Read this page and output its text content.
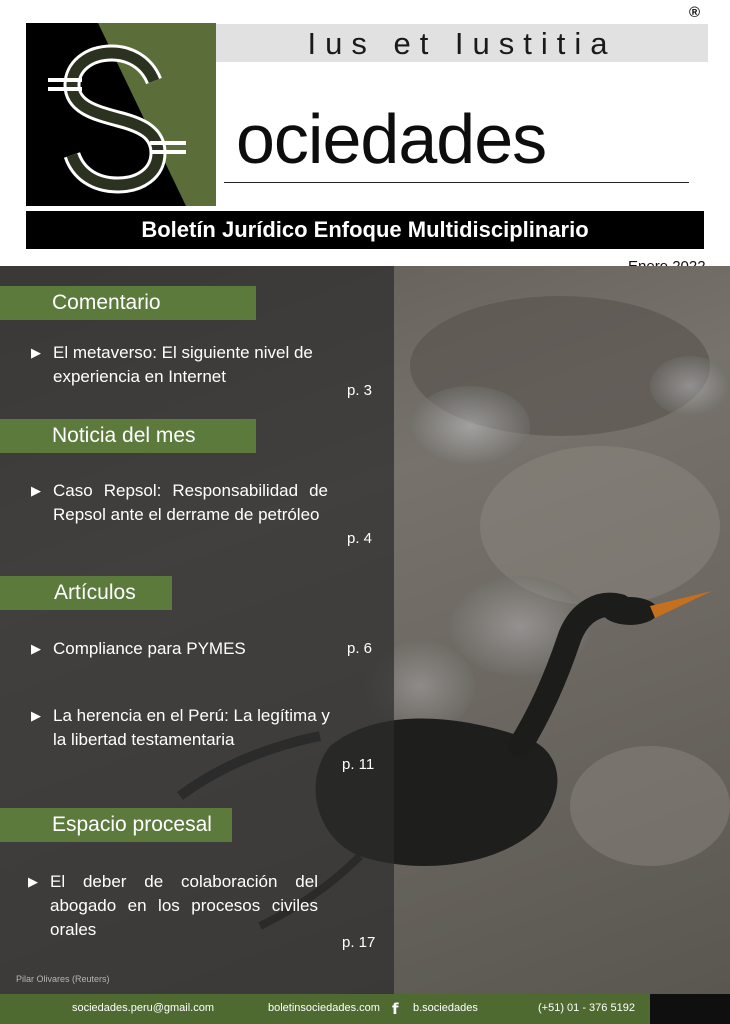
®
Ius et Iustitia
ociedades
Boletín Jurídico Enfoque Multidisciplinario
Pilar Olivares (Reuters)
Comentario
▶ El metaverso: El siguiente nivel de experiencia en Internet
p. 3
Noticia del mes
▶ Caso Repsol: Responsabilidad de Repsol ante el derrame de petróleo
p. 4
Artículos
▶ Compliance para PYMES	p. 6
▶ La herencia en el Perú: La legítima y la libertad testamentaria
p. 11
Espacio procesal
▶ El deber de colaboración del abogado en los procesos civiles orales
p. 17
sociedades.peru@gmail.com	boletinsociedades.com f b.sociedades	(+51) 01 - 376 5192
